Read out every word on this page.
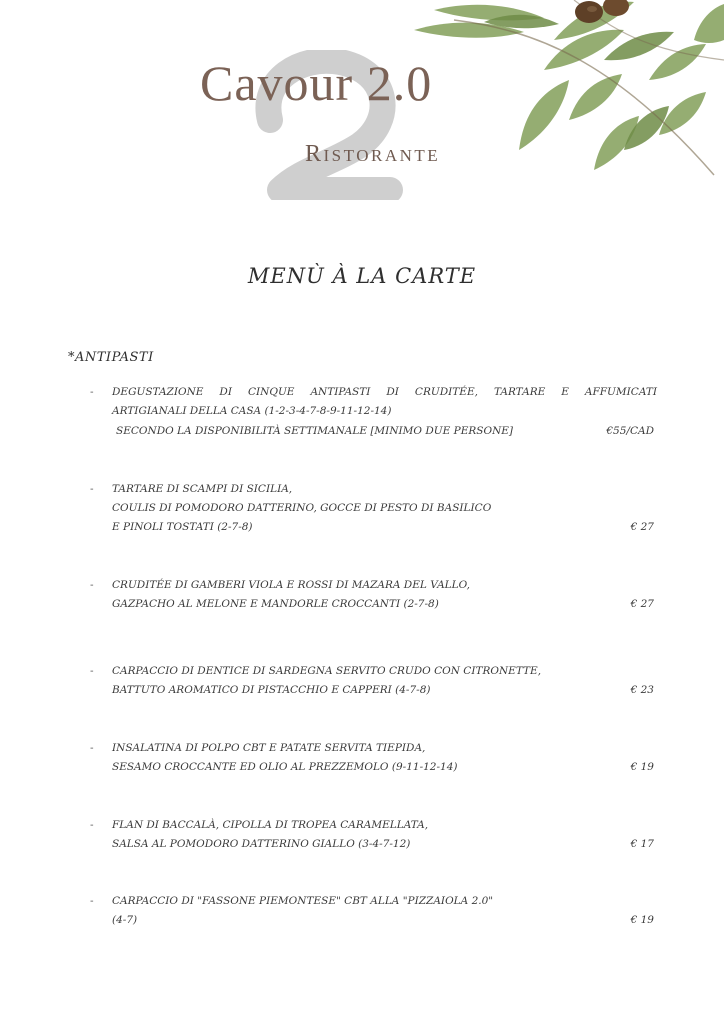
Cavour 2.0
Ristorante
MENÙ À LA CARTE
*ANTIPASTI
- DEGUSTAZIONE DI CINQUE ANTIPASTI DI CRUDITÉE, TARTARE E AFFUMICATI
ARTIGIANALI DELLA CASA (1-2-3-4-7-8-9-11-12-14)
SECONDO LA DISPONIBILITÀ SETTIMANALE [MINIMO DUE PERSONE]	€55/CAD
- TARTARE DI SCAMPI DI SICILIA,
COULIS DI POMODORO DATTERINO, GOCCE DI PESTO DI BASILICO
E PINOLI TOSTATI (2-7-8)	€ 27
- CRUDITÉE DI GAMBERI VIOLA E ROSSI DI MAZARA DEL VALLO,
GAZPACHO AL MELONE E MANDORLE CROCCANTI (2-7-8)	€ 27
- CARPACCIO DI DENTICE DI SARDEGNA SERVITO CRUDO CON CITRONETTE,
BATTUTO AROMATICO DI PISTACCHIO E CAPPERI (4-7-8)	€ 23
- INSALATINA DI POLPO CBT E PATATE SERVITA TIEPIDA,
SESAMO CROCCANTE ED OLIO AL PREZZEMOLO (9-11-12-14)	€ 19
- FLAN DI BACCALÀ, CIPOLLA DI TROPEA CARAMELLATA,
SALSA AL POMODORO DATTERINO GIALLO (3-4-7-12)	€ 17
- CARPACCIO DI "FASSONE PIEMONTESE" CBT ALLA "PIZZAIOLA 2.0"
(4-7)	€ 19
